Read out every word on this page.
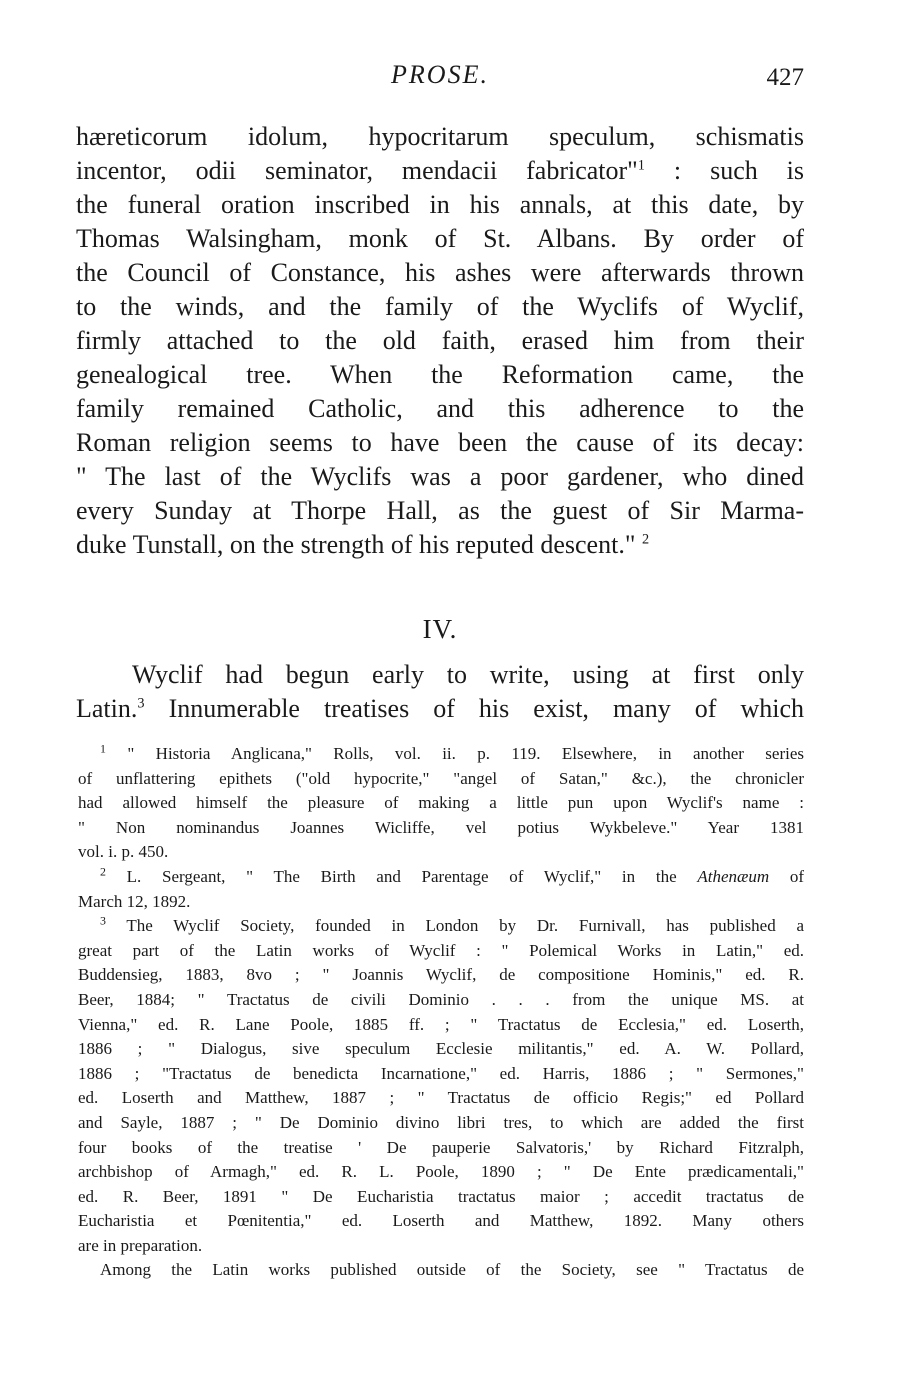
PROSE.	427
hæreticorum idolum, hypocritarum speculum, schismatis
incentor, odii seminator, mendacii fabricator"$^1$ : such is
the funeral oration inscribed in his annals, at this date, by
Thomas Walsingham, monk of St. Albans. By order of
the Council of Constance, his ashes were afterwards thrown
to the winds, and the family of the Wyclifs of Wyclif,
firmly attached to the old faith, erased him from their
genealogical tree. When the Reformation came, the
family remained Catholic, and this adherence to the
Roman religion seems to have been the cause of its decay:
" The last of the Wyclifs was a poor gardener, who dined
every Sunday at Thorpe Hall, as the guest of Sir Marma-
duke Tunstall, on the strength of his reputed descent." $^2$
IV.
Wyclif had begun early to write, using at first only
Latin.$^3$ Innumerable treatises of his exist, many of which
$^1$ " Historia Anglicana," Rolls, vol. ii. p. 119. Elsewhere, in another series
of unflattering epithets ("old hypocrite," "angel of Satan," &c.), the chronicler
had allowed himself the pleasure of making a little pun upon Wyclif's name :
" Non nominandus Joannes Wicliffe, vel potius Wykbeleve." Year 1381
vol. i. p. 450.
$^2$ L. Sergeant, " The Birth and Parentage of Wyclif," in the Athenæum of
March 12, 1892.
$^3$ The Wyclif Society, founded in London by Dr. Furnivall, has published a
great part of the Latin works of Wyclif : " Polemical Works in Latin," ed.
Buddensieg, 1883, 8vo ; " Joannis Wyclif, de compositione Hominis," ed. R.
Beer, 1884; " Tractatus de civili Dominio . . . from the unique MS. at
Vienna," ed. R. Lane Poole, 1885 ff. ; " Tractatus de Ecclesia," ed. Loserth,
1886 ; " Dialogus, sive speculum Ecclesie militantis," ed. A. W. Pollard,
1886 ; "Tractatus de benedicta Incarnatione," ed. Harris, 1886 ; " Sermones,"
ed. Loserth and Matthew, 1887 ; " Tractatus de officio Regis;" ed Pollard
and Sayle, 1887 ; " De Dominio divino libri tres, to which are added the first
four books of the treatise ' De pauperie Salvatoris,' by Richard Fitzralph,
archbishop of Armagh," ed. R. L. Poole, 1890 ; " De Ente prædicamentali,"
ed. R. Beer, 1891 " De Eucharistia tractatus maior ; accedit tractatus de
Eucharistia et Pœnitentia," ed. Loserth and Matthew, 1892. Many others
are in preparation.
Among the Latin works published outside of the Society, see " Tractatus de
